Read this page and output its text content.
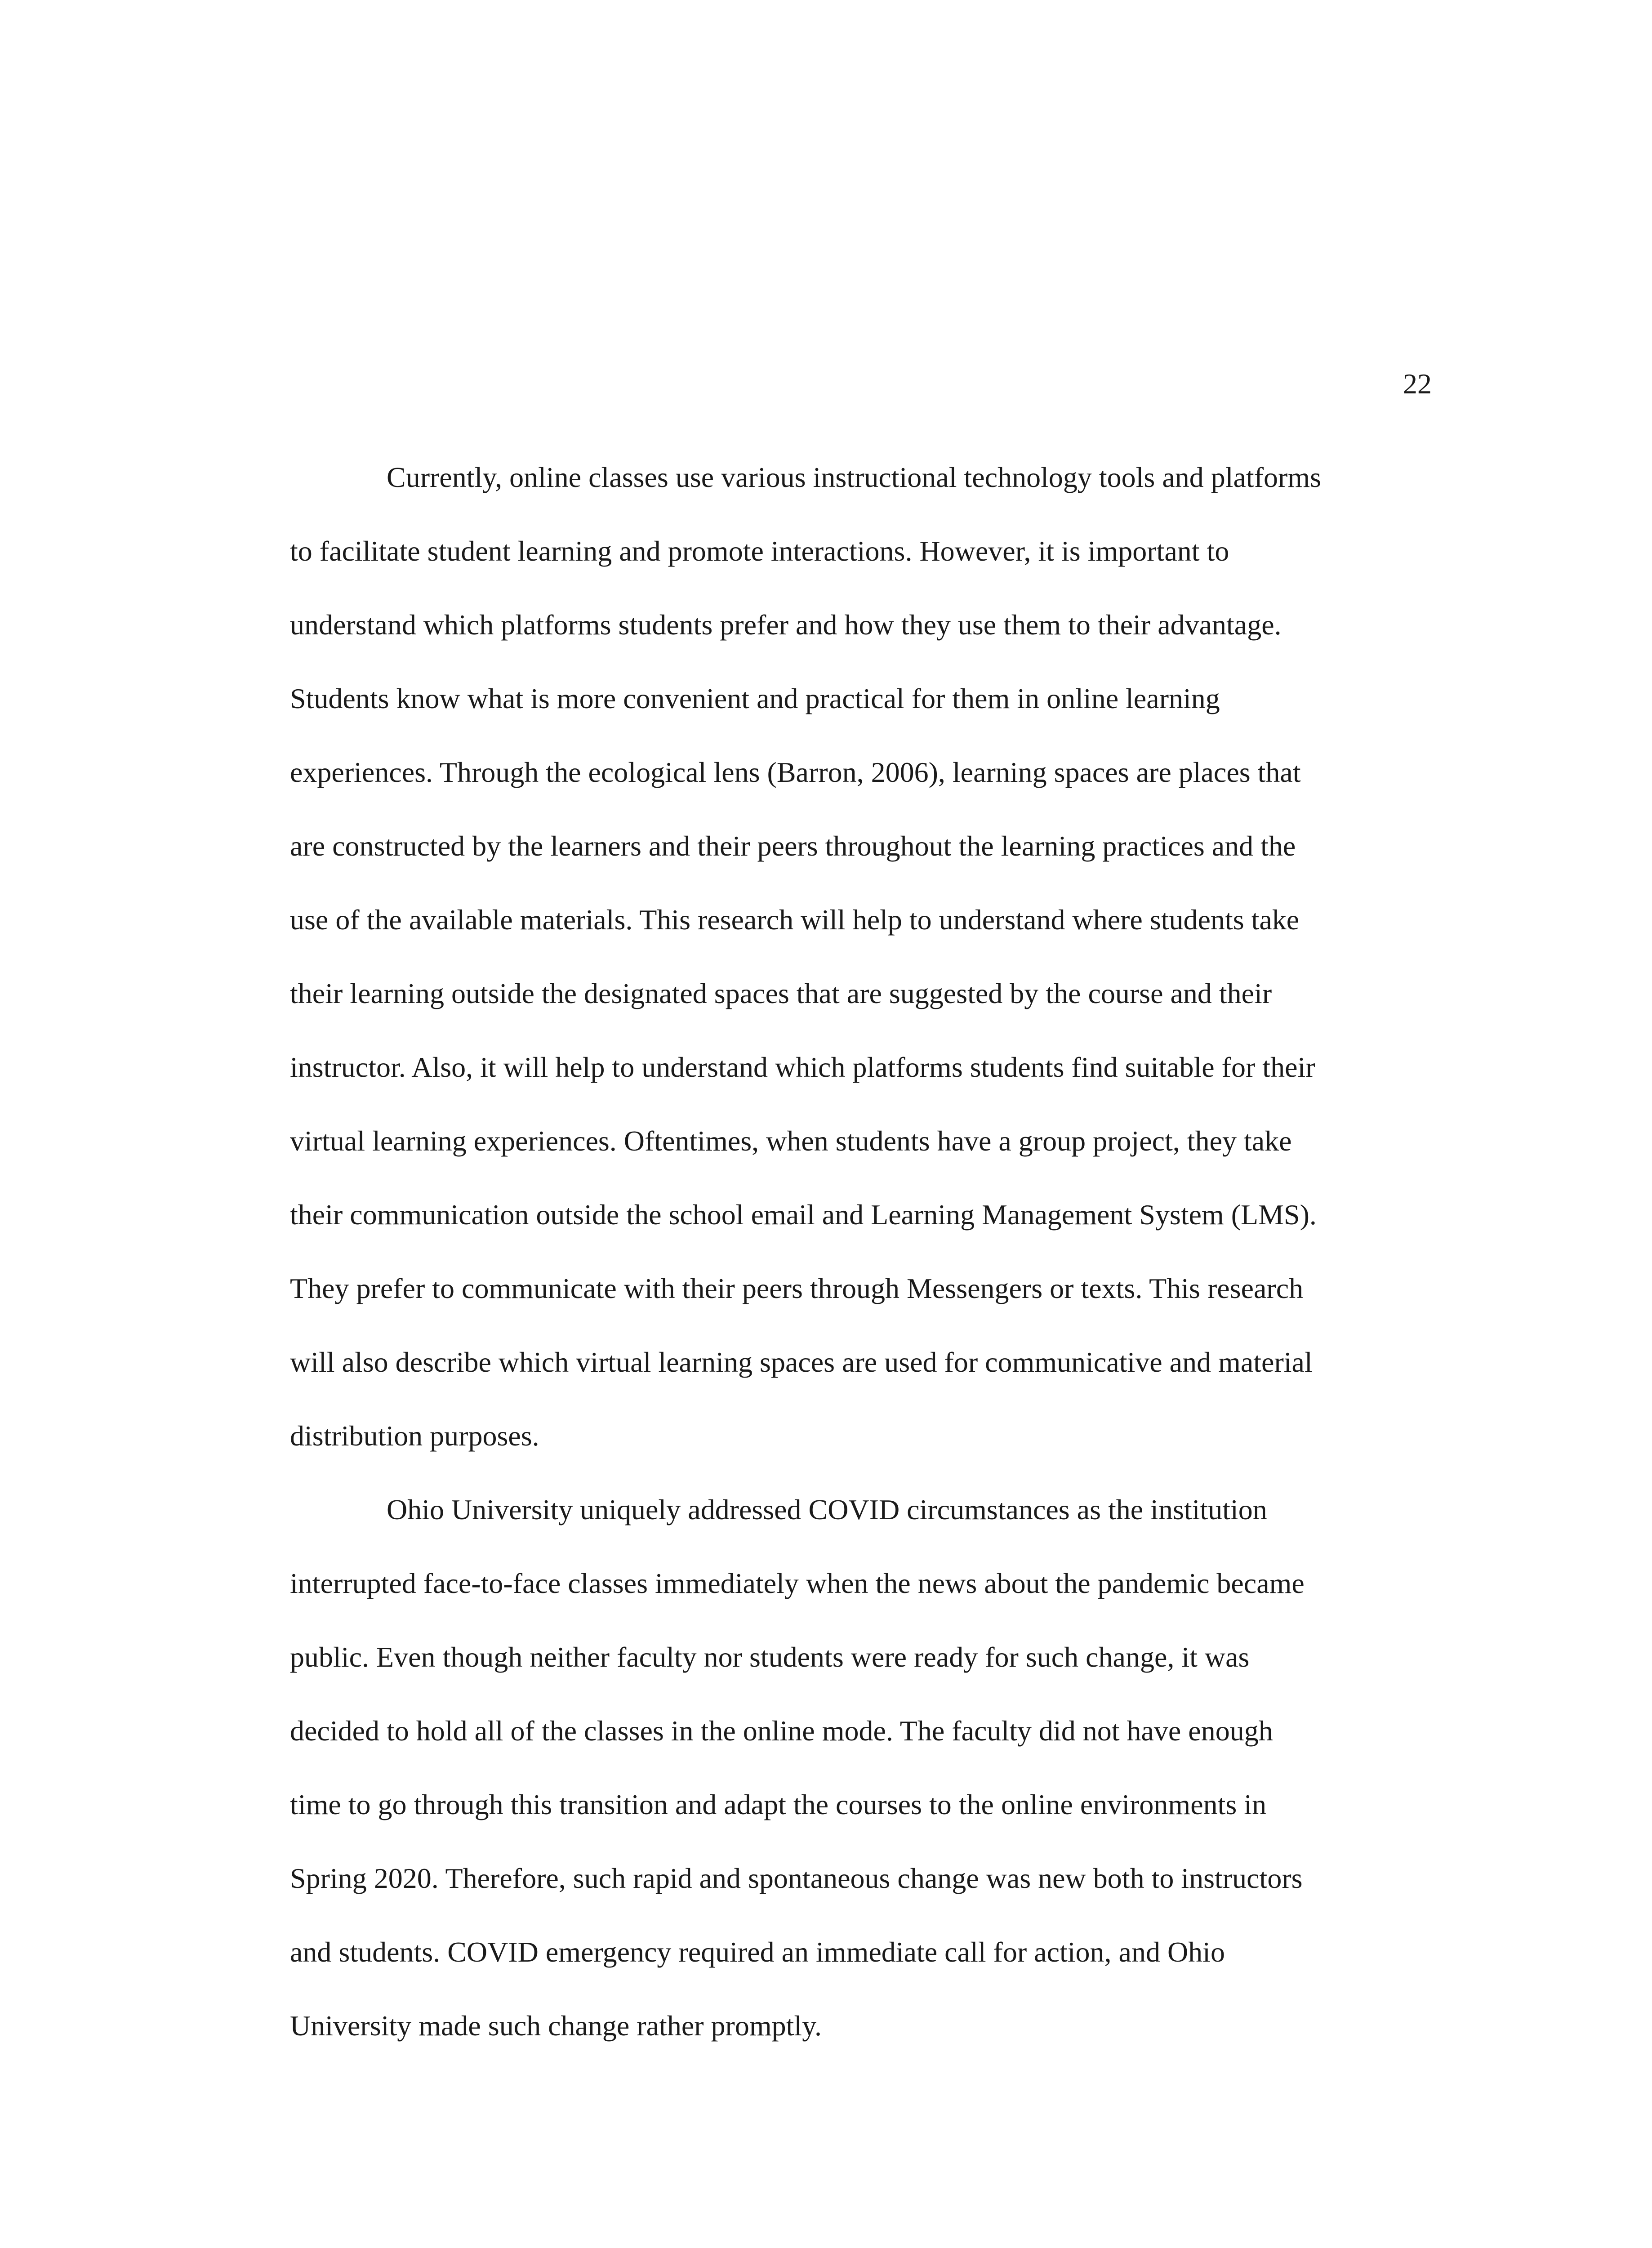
22
Currently, online classes use various instructional technology tools and platforms
to facilitate student learning and promote interactions. However, it is important to
understand which platforms students prefer and how they use them to their advantage.
Students know what is more convenient and practical for them in online learning
experiences. Through the ecological lens (Barron, 2006), learning spaces are places that
are constructed by the learners and their peers throughout the learning practices and the
use of the available materials. This research will help to understand where students take
their learning outside the designated spaces that are suggested by the course and their
instructor. Also, it will help to understand which platforms students find suitable for their
virtual learning experiences. Oftentimes, when students have a group project, they take
their communication outside the school email and Learning Management System (LMS).
They prefer to communicate with their peers through Messengers or texts. This research
will also describe which virtual learning spaces are used for communicative and material
distribution purposes.
Ohio University uniquely addressed COVID circumstances as the institution
interrupted face-to-face classes immediately when the news about the pandemic became
public. Even though neither faculty nor students were ready for such change, it was
decided to hold all of the classes in the online mode. The faculty did not have enough
time to go through this transition and adapt the courses to the online environments in
Spring 2020. Therefore, such rapid and spontaneous change was new both to instructors
and students. COVID emergency required an immediate call for action, and Ohio
University made such change rather promptly.
